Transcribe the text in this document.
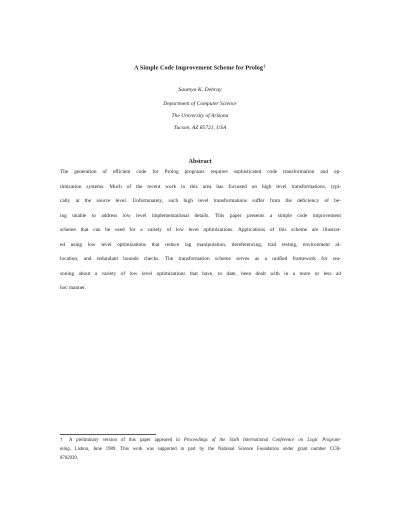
A Simple Code Improvement Scheme for Prolog†
Saumya K. Debray
Department of Computer Science
The University of Arizona
Tucson, AZ 85721, USA
Abstract
The generation of efficient code for Prolog programs requires sophisticated code transformation and op-
timization systems. Much of the recent work in this area has focussed on high level transformations, typi-
cally at the source level. Unfortunately, such high level transformations suffer from the deficiency of be-
ing unable to address low level implementational details. This paper presents a simple code improvement
scheme that can be used for a variety of low level optimizations. Applications of this scheme are illustrat-
ed using low level optimizations that reduce tag manipulation, dereferencing, trail testing, environment al-
location, and redundant bounds checks. The transformation scheme serves as a unified framework for rea-
soning about a variety of low level optimizations that have, to date, been dealt with in a more or less ad
hoc manner.
† A preliminary version of this paper appeared in Proceedings of the Sixth International Conference on Logic Program-
ming, Lisbon, June 1989. This work was supported in part by the National Science Foundation under grant number CCR-
8702939.
